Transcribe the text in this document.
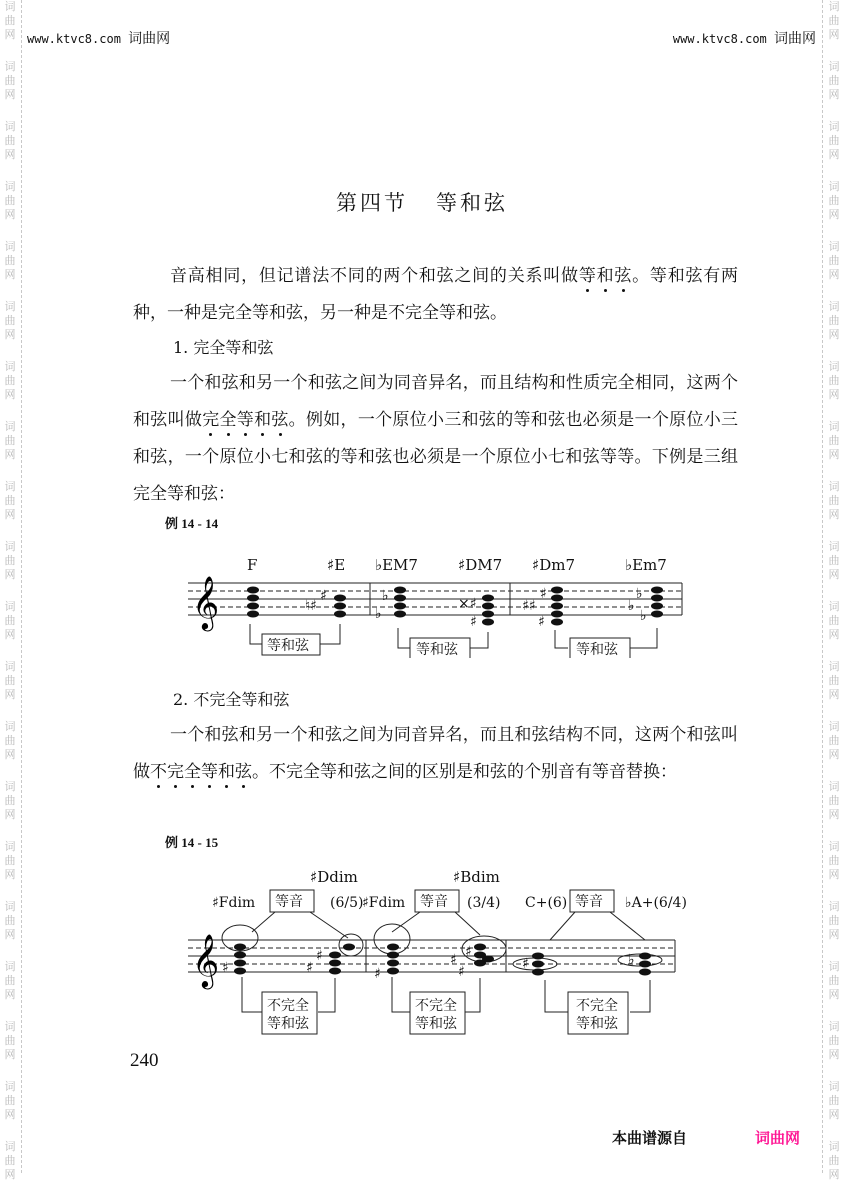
词
曲
网
词
曲
网
词
曲
网
词
曲
网
词
曲
网
词
曲
网
词
曲
网
词
曲
网
词
曲
网
词
曲
网
词
曲
网
词
曲
网
词
曲
网
词
曲
网
词
曲
网
词
曲
网
词
曲
网
词
曲
网
词
曲
网
词
曲
网
词
曲
网
词
曲
网
词
曲
网
词
曲
网
词
曲
网
词
曲
网
词
曲
网
词
曲
网
词
曲
网
词
曲
网
词
曲
网
词
曲
网
词
曲
网
词
曲
网
词
曲
网
词
曲
网
词
曲
网
词
曲
网
词
曲
网
词
曲
网
www.ktvc8.com 词曲网	www.ktvc8.com 词曲网
第四节 等和弦

音高相同，但记谱法不同的两个和弦之间的关系叫做等和弦。等和弦有两种，一种是完全等和弦，另一种是不完全等和弦。

1. 完全等和弦

一个和弦和另一个和弦之间为同音异名，而且结构和性质完全相同，这两个和弦叫做完全等和弦。例如，一个原位小三和弦的等和弦也必须是一个原位小三和弦，一个原位小七和弦的等和弦也必须是一个原位小七和弦等等。下例是三组完全等和弦：

例 14 - 14
𝄞
F	♯E ♭EM7	♯DM7 ♯Dm7	♭Em7
♮♯
♯	♭
♭
×♯
♯
♯♯
♯
♯
♭
♭
♭
等和弦	等和弦	等和弦
2. 不完全等和弦

一个和弦和另一个和弦之间为同音异名，而且和弦结构不同，这两个和弦叫做不完全等和弦。不完全等和弦之间的区别是和弦的个别音有等音替换：

例 14 - 15
𝄞
♯Fdim
♯Ddim
(6/5)
♯Fdim
♯Bdim
(3/4) C+(6)	♭A+(6/4)
等音	等音	等音
♯	♯
♯
♯
♯
♯
♯
♯	♭
不完全
等和弦
不完全
等和弦
不完全
等和弦
240
本曲谱源自	词曲网
